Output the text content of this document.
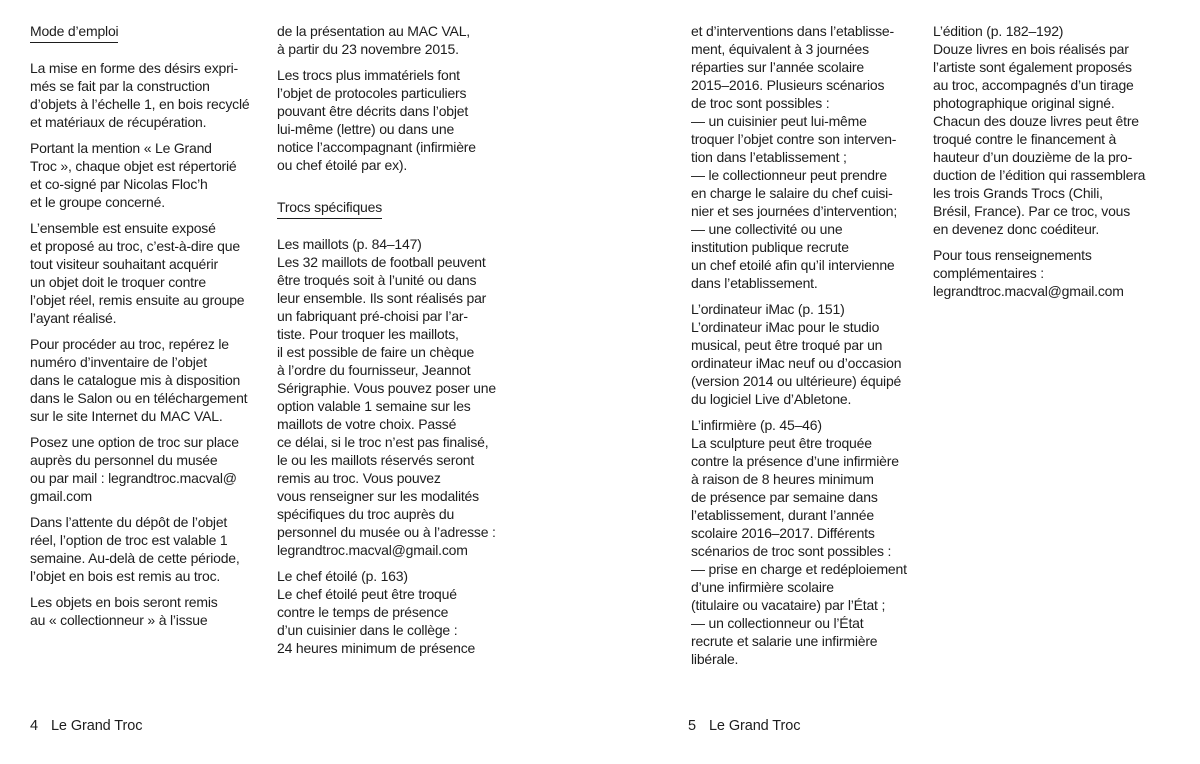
Mode d’emploi
La mise en forme des désirs expri-
més se fait par la construction
d’objets à l’échelle 1, en bois recyclé
et matériaux de récupération.
Portant la mention « Le Grand
Troc », chaque objet est répertorié
et co-signé par Nicolas Floc’h
et le groupe concerné.
L’ensemble est ensuite exposé
et proposé au troc, c’est-à-dire que
tout visiteur souhaitant acquérir
un objet doit le troquer contre
l’objet réel, remis ensuite au groupe
l’ayant réalisé.
Pour procéder au troc, repérez le
numéro d’inventaire de l’objet
dans le catalogue mis à disposition
dans le Salon ou en téléchargement
sur le site Internet du MAC VAL.
Posez une option de troc sur place
auprès du personnel du musée
ou par mail : legrandtroc.macval@
gmail.com
Dans l’attente du dépôt de l’objet
réel, l’option de troc est valable 1
semaine. Au-delà de cette période,
l’objet en bois est remis au troc.
Les objets en bois seront remis
au « collectionneur » à l’issue
de la présentation au MAC VAL,
à partir du 23 novembre 2015.
Les trocs plus immatériels font
l’objet de protocoles particuliers
pouvant être décrits dans l’objet
lui-même (lettre) ou dans une
notice l’accompagnant (infirmière
ou chef étoilé par ex).
Trocs spécifiques
Les maillots (p. 84–147)
Les 32 maillots de football peuvent
être troqués soit à l’unité ou dans
leur ensemble. Ils sont réalisés par
un fabriquant pré-choisi par l’ar-
tiste. Pour troquer les maillots,
il est possible de faire un chèque
à l’ordre du fournisseur, Jeannot
Sérigraphie. Vous pouvez poser une
option valable 1 semaine sur les
maillots de votre choix. Passé
ce délai, si le troc n’est pas finalisé,
le ou les maillots réservés seront
remis au troc. Vous pouvez
vous renseigner sur les modalités
spécifiques du troc auprès du
personnel du musée ou à l’adresse :
legrandtroc.macval@gmail.com
Le chef étoilé (p. 163)
Le chef étoilé peut être troqué
contre le temps de présence
d’un cuisinier dans le collège :
24 heures minimum de présence
4 Le Grand Troc
et d’interventions dans l’etablisse-
ment, équivalent à 3 journées
réparties sur l’année scolaire
2015–2016. Plusieurs scénarios
de troc sont possibles :
— un cuisinier peut lui-même
troquer l’objet contre son interven-
tion dans l’etablissement ;
— le collectionneur peut prendre
en charge le salaire du chef cuisi-
nier et ses journées d’intervention;
— une collectivité ou une
institution publique recrute
un chef etoilé afin qu’il intervienne
dans l’etablissement.
L’ordinateur iMac (p. 151)
L’ordinateur iMac pour le studio
musical, peut être troqué par un
ordinateur iMac neuf ou d’occasion
(version 2014 ou ultérieure) équipé
du logiciel Live d’Abletone.
L’infirmière (p. 45–46)
La sculpture peut être troquée
contre la présence d’une infirmière
à raison de 8 heures minimum
de présence par semaine dans
l’etablissement, durant l’année
scolaire 2016–2017. Différents
scénarios de troc sont possibles :
— prise en charge et redéploiement
d’une infirmière scolaire
(titulaire ou vacataire) par l’État ;
— un collectionneur ou l’État
recrute et salarie une infirmière
libérale.
L’édition (p. 182–192)
Douze livres en bois réalisés par
l’artiste sont également proposés
au troc, accompagnés d’un tirage
photographique original signé.
Chacun des douze livres peut être
troqué contre le financement à
hauteur d’un douzième de la pro-
duction de l’édition qui rassemblera
les trois Grands Trocs (Chili,
Brésil, France). Par ce troc, vous
en devenez donc coéditeur.
Pour tous renseignements
complémentaires :
legrandtroc.macval@gmail.com
5 Le Grand Troc
